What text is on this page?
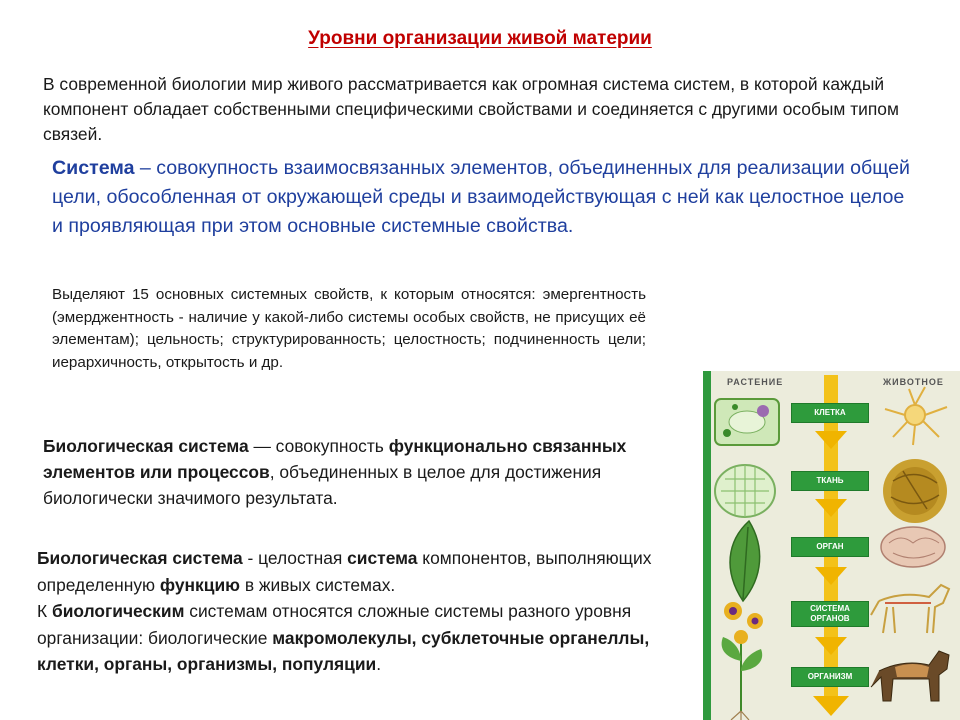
Уровни организации живой материи
В современной биологии мир живого рассматривается как огромная система систем, в которой каждый компонент обладает собственными специфическими свойствами и соединяется с другими особым типом связей.
Система – совокупность взаимосвязанных элементов, объединенных для реализации общей цели, обособленная от окружающей среды и взаимодействующая с ней как целостное целое и проявляющая при этом основные системные свойства.
Выделяют 15 основных системных свойств, к которым относятся: эмергентность (эмерджентность - наличие у какой-либо системы особых свойств, не присущих её элементам); цельность; структурированность; целостность; подчиненность цели; иерархичность, открытость и др.
Биологическая система — совокупность функционально связанных элементов или процессов, объединенных в целое для достижения биологически значимого результата.
Биологическая система - целостная система компонентов, выполняющих определенную функцию в живых системах.
К биологическим системам относятся сложные системы разного уровня организации: биологические макромолекулы, субклеточные органеллы, клетки, органы, организмы, популяции.
РАСТЕНИЕ	ЖИВОТНОЕ
КЛЕТКА
ТКАНЬ
ОРГАН
СИСТЕМА ОРГАНОВ
ОРГАНИЗМ
